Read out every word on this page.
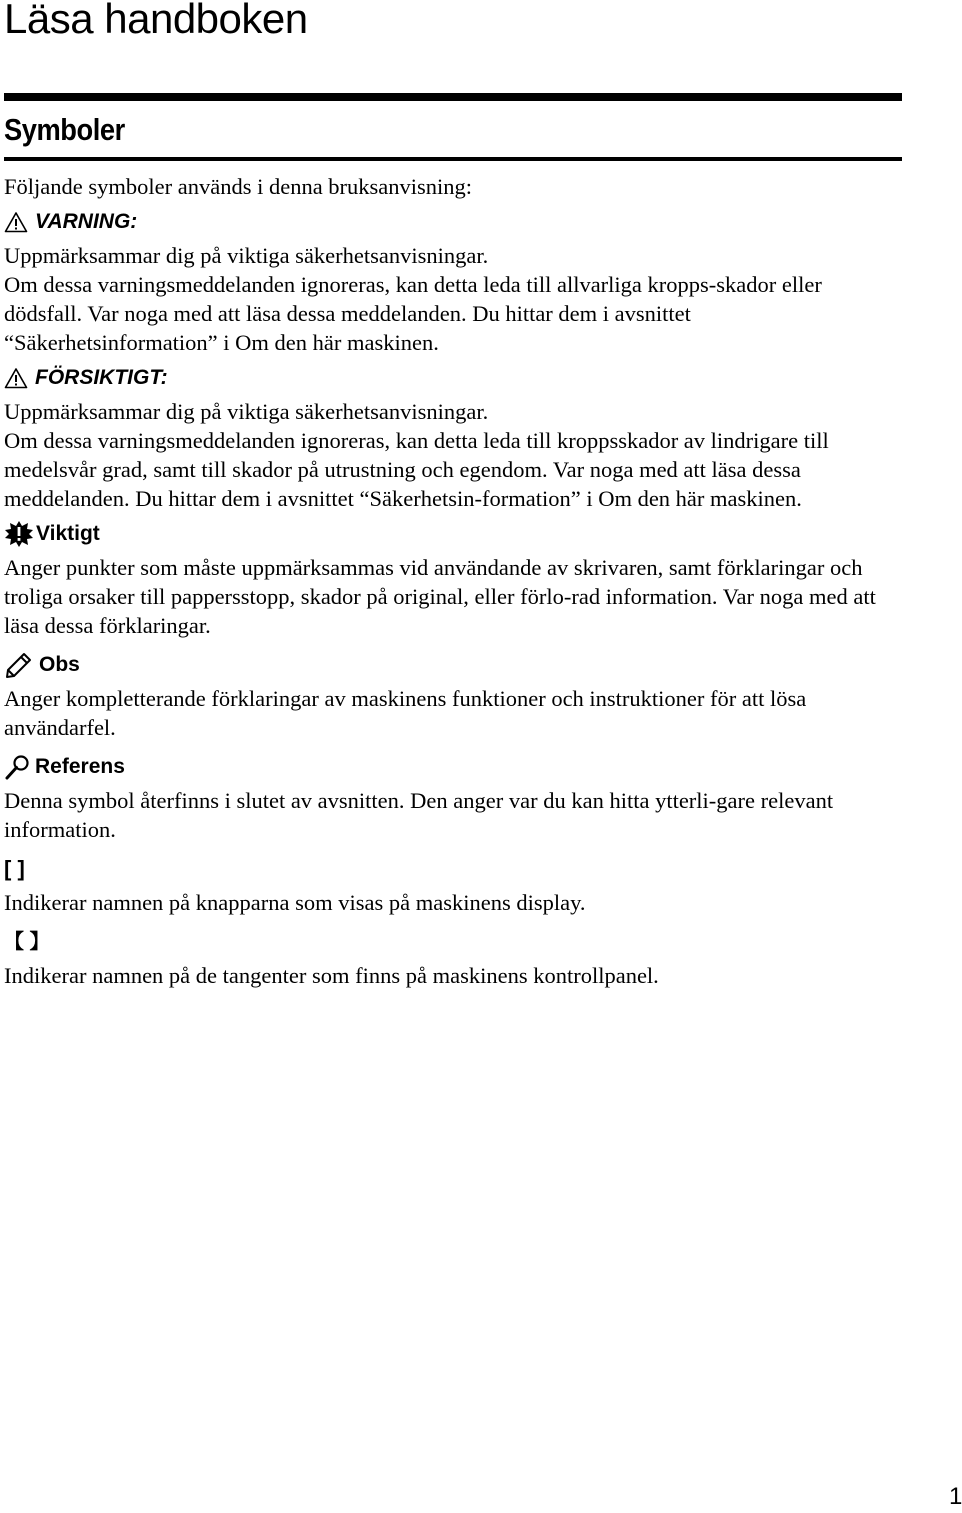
Läsa handboken
Symboler

Följande symboler används i denna bruksanvisning:

VARNING:

Uppmärksammar dig på viktiga säkerhetsanvisningar.

Om dessa varningsmeddelanden ignoreras, kan detta leda till allvarliga kropps-skador eller dödsfall. Var noga med att läsa dessa meddelanden. Du hittar dem i avsnittet “Säkerhetsinformation” i Om den här maskinen.

FÖRSIKTIGT:

Uppmärksammar dig på viktiga säkerhetsanvisningar.

Om dessa varningsmeddelanden ignoreras, kan detta leda till kroppsskador av lindrigare till medelsvår grad, samt till skador på utrustning och egendom. Var noga med att läsa dessa meddelanden. Du hittar dem i avsnittet “Säkerhetsin-formation” i Om den här maskinen.

Viktigt

Anger punkter som måste uppmärksammas vid användande av skrivaren, samt förklaringar och troliga orsaker till pappersstopp, skador på original, eller förlo-rad information. Var noga med att läsa dessa förklaringar.

Obs

Anger kompletterande förklaringar av maskinens funktioner och instruktioner för att lösa användarfel.

Referens

Denna symbol återfinns i slutet av avsnitten. Den anger var du kan hitta ytterli-gare relevant information.

[ ]

Indikerar namnen på knapparna som visas på maskinens display.

【 】

Indikerar namnen på de tangenter som finns på maskinens kontrollpanel.

1
